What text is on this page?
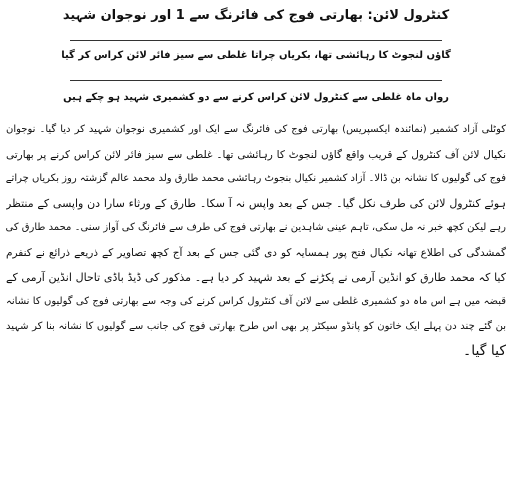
کنٹرول لائن: بھارتی فوج کی فائرنگ سے 1 اور نوجوان شہید
گاؤں لنجوٹ کا رہائشی تھا، بکریاں چراتا غلطی سے سیز فائر لائن کراس کر گیا
رواں ماہ غلطی سے کنٹرول لائن کراس کرنے سے دو کشمیری شہید ہو چکے ہیں
کوٹلی آزاد کشمیر (نمائندہ ایکسپریس) بھارتی فوج کی فائرنگ سے ایک اور کشمیری نوجوان شہید کر دیا گیا۔ نوجوان
نکیال لائن آف کنٹرول کے قریب واقع گاؤں لنجوٹ کا رہائشی تھا۔ غلطی سے سیز فائر لائن کراس کرنے پر بھارتی
فوج کی گولیوں کا نشانہ بن ڈالا۔ آزاد کشمیر نکیال بنجوٹ رہائشی محمد طارق ولد محمد عالم گزشتہ روز بکریاں چراتے
ہوئے کنٹرول لائن کی طرف نکل گیا۔ جس کے بعد واپس نہ آ سکا۔ طارق کے ورثاء سارا دن واپسی کے منتظر
رہے لیکن کچھ خبر نہ مل سکی، تاہم عینی شاہدین نے بھارتی فوج کی طرف سے فائرنگ کی آواز سنی۔ محمد طارق کی
گمشدگی کی اطلاع تھانہ نکیال فتح پور ہمسایہ کو دی گئی جس کے بعد آج کچھ تصاویر کے ذریعے ذرائع نے کنفرم
کیا کہ محمد طارق کو انڈین آرمی نے پکڑنے کے بعد شہید کر دیا ہے۔ مذکور کی ڈیڈ باڈی تاحال انڈین آرمی کے
قبضہ میں ہے اس ماہ دو کشمیری غلطی سے لائن آف کنٹرول کراس کرنے کی وجہ سے بھارتی فوج کی گولیوں کا نشانہ
بن گئے چند دن پہلے ایک خاتون کو پانڈو سیکٹر پر بھی اس طرح بھارتی فوج کی جانب سے گولیوں کا نشانہ بنا کر شہید
کیا گیا۔
